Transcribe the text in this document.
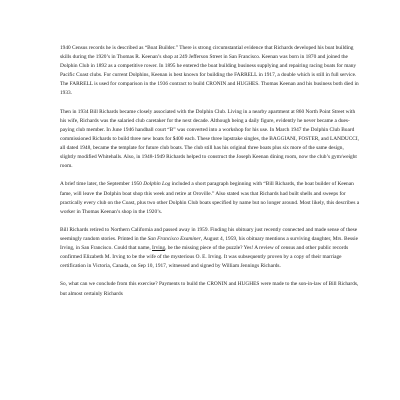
1940 Census records he is described as “Boat Builder.” There is strong circumstantial evidence that Richards developed his boat building skills during the 1920’s in Thomas R. Keenan’s shop at 249 Jefferson Street in San Francisco. Keenan was born in 1870 and joined the Dolphin Club in 1892 as a competitive rower. In 1895 he entered the boat building business supplying and repairing racing boats for many Pacific Coast clubs. For current Dolphins, Keenan is best known for building the FARRELL in 1917, a double which is still in full service. The FARRELL is used for comparison in the 1936 contract to build CRONIN and HUGHES. Thomas Keenan and his business both died in 1933.

Then in 1934 Bill Richards became closely associated with the Dolphin Club. Living in a nearby apartment at 860 North Point Street with his wife, Richards was the salaried club caretaker for the next decade. Although being a daily figure, evidently he never became a dues-paying club member. In June 1946 handball court “B” was converted into a workshop for his use. In March 1947 the Dolphin Club Board commissioned Richards to build three new boats for $400 each. These three lapstrake singles, the BAGGIANI, FOSTER, and LANDUCCI, all dated 1948, became the template for future club boats. The club still has his original three boats plus six more of the same design, slightly modified Whitehalls. Also, in 1948-1949 Richards helped to construct the Joseph Keenan dining room, now the club’s gym/weight room.

A brief time later, the September 1950 Dolphin Log included a short paragraph beginning with “Bill Richards, the boat builder of Keenan fame, will leave the Dolphin boat shop this week and retire at Oroville.” Also stated was that Richards had built shells and sweeps for practically every club on the Coast, plus two other Dolphin Club boats specified by name but no longer around. Most likely, this describes a worker in Thomas Keenan’s shop in the 1920’s.

Bill Richards retired to Northern California and passed away in 1959. Finding his obituary just recently connected and made sense of these seemingly random stories. Printed in the San Francisco Examiner, August 4, 1959, his obituary mentions a surviving daughter, Mrs. Bessie Irving, in San Francisco. Could that name, Irving, be the missing piece of the puzzle? Yes! A review of census and other public records confirmed Elizabeth M. Irving to be the wife of the mysterious O. E. Irving. It was subsequently proven by a copy of their marriage certification in Victoria, Canada, on Sep 10, 1917, witnessed and signed by William Jennings Richards.

So, what can we conclude from this exercise? Payments to build the CRONIN and HUGHES were made to the son-in-law of Bill Richards, but almost certainly Richards
